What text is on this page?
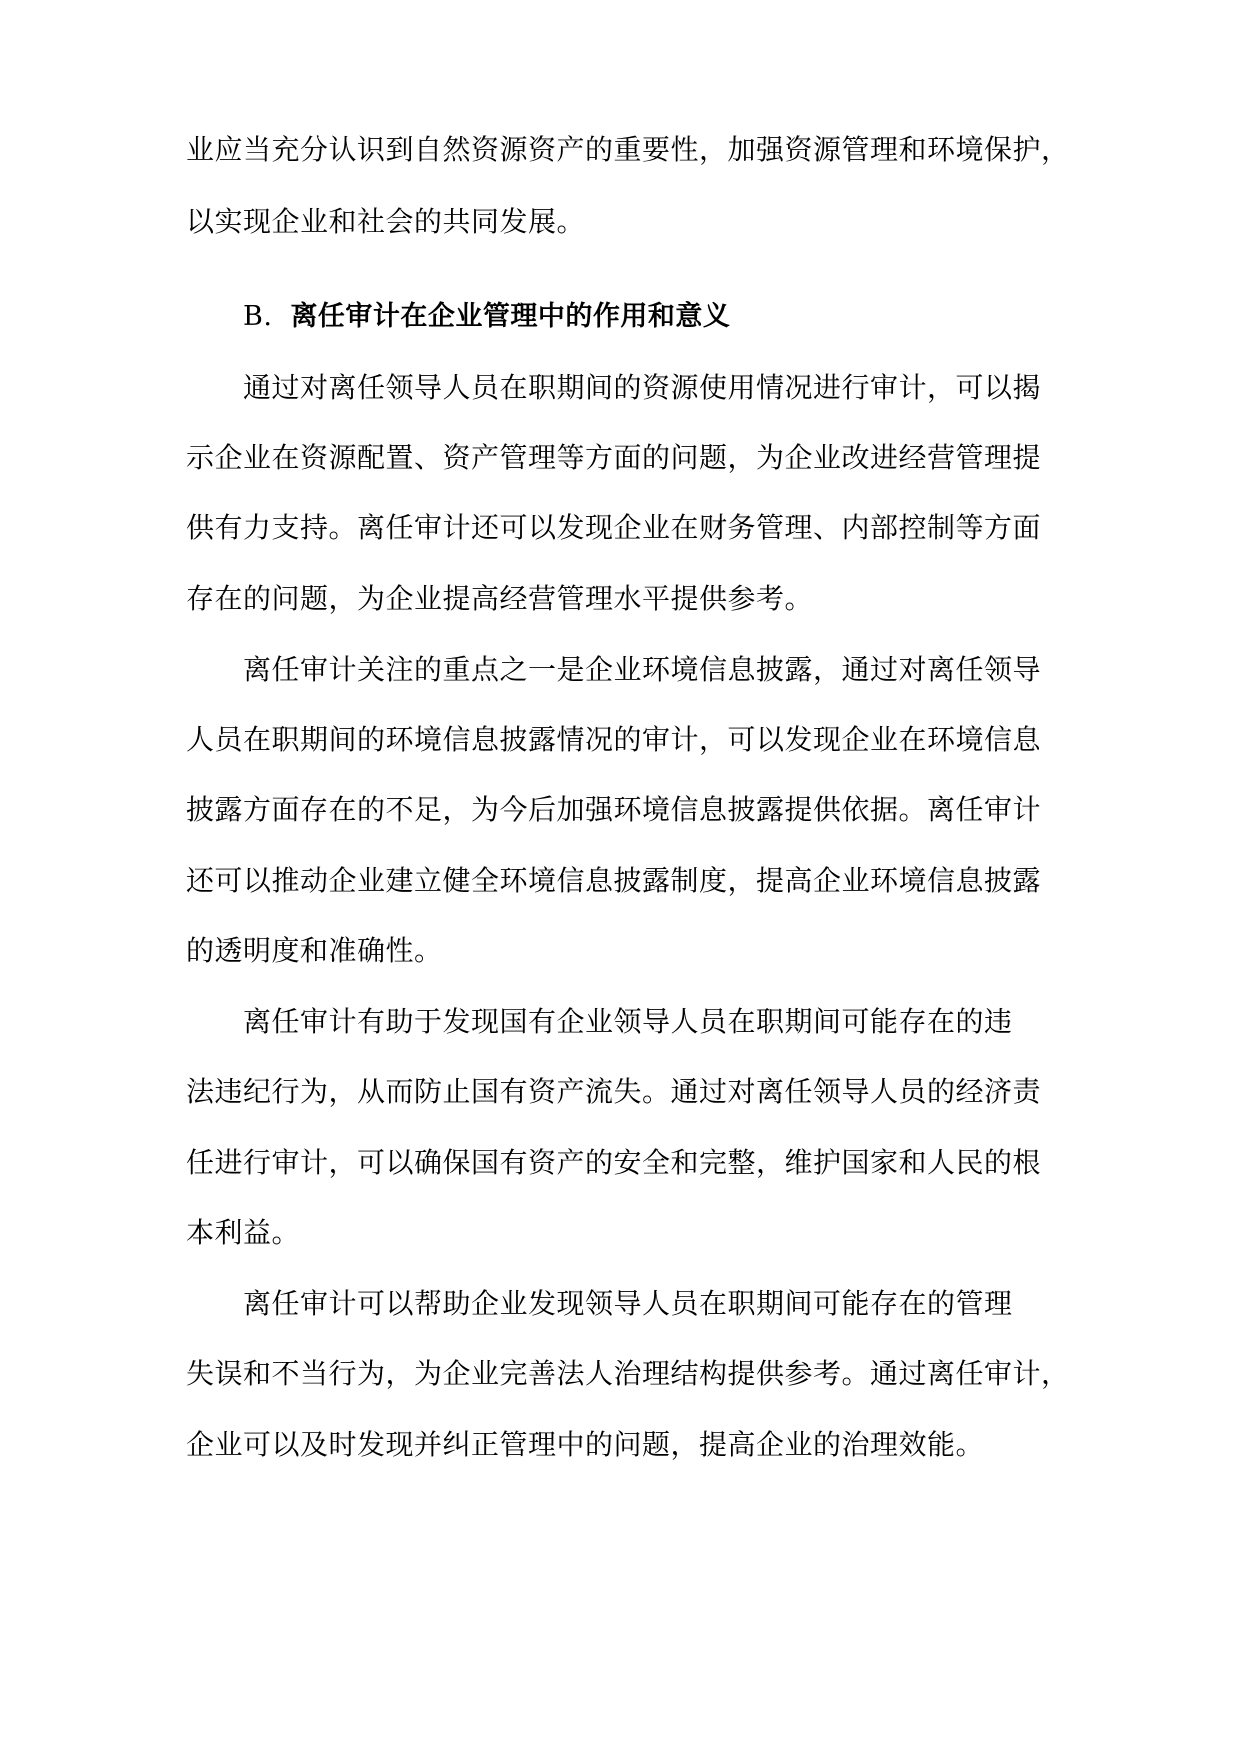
业应当充分认识到自然资源资产的重要性，加强资源管理和环境保护，
以实现企业和社会的共同发展。
B. 离任审计在企业管理中的作用和意义
通过对离任领导人员在职期间的资源使用情况进行审计，可以揭
示企业在资源配置、资产管理等方面的问题，为企业改进经营管理提
供有力支持。离任审计还可以发现企业在财务管理、内部控制等方面
存在的问题，为企业提高经营管理水平提供参考。
离任审计关注的重点之一是企业环境信息披露，通过对离任领导
人员在职期间的环境信息披露情况的审计，可以发现企业在环境信息
披露方面存在的不足，为今后加强环境信息披露提供依据。离任审计
还可以推动企业建立健全环境信息披露制度，提高企业环境信息披露
的透明度和准确性。
离任审计有助于发现国有企业领导人员在职期间可能存在的违
法违纪行为，从而防止国有资产流失。通过对离任领导人员的经济责
任进行审计，可以确保国有资产的安全和完整，维护国家和人民的根
本利益。
离任审计可以帮助企业发现领导人员在职期间可能存在的管理
失误和不当行为，为企业完善法人治理结构提供参考。通过离任审计，
企业可以及时发现并纠正管理中的问题，提高企业的治理效能。
